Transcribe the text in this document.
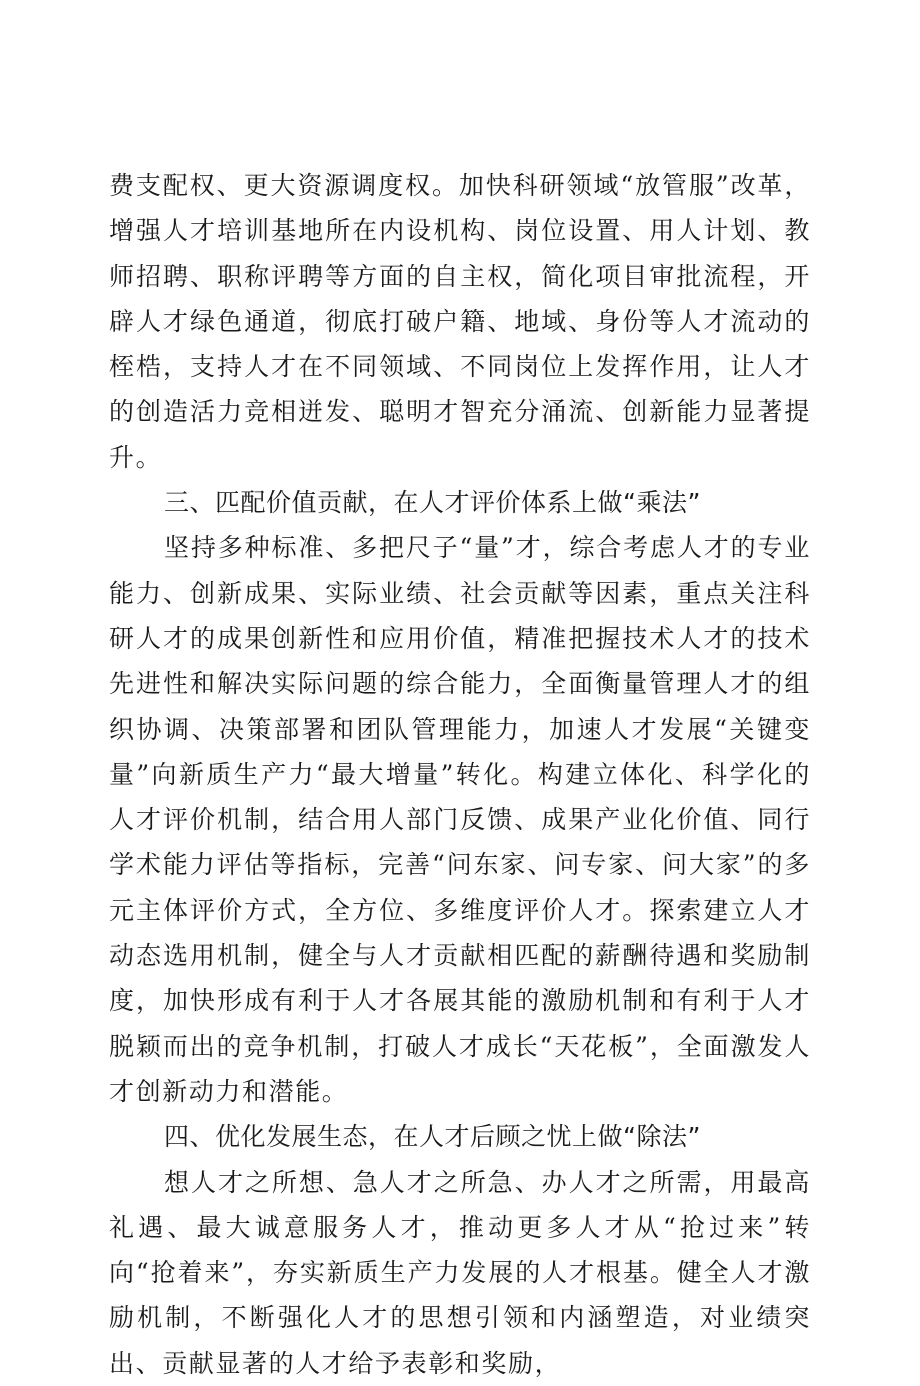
费支配权、更大资源调度权。加快科研领域“放管服”改革，增强人才培训基地所在内设机构、岗位设置、用人计划、教师招聘、职称评聘等方面的自主权，简化项目审批流程，开辟人才绿色通道，彻底打破户籍、地域、身份等人才流动的桎梏，支持人才在不同领域、不同岗位上发挥作用，让人才的创造活力竞相迸发、聪明才智充分涌流、创新能力显著提升。

三、匹配价值贡献，在人才评价体系上做“乘法”

坚持多种标准、多把尺子“量”才，综合考虑人才的专业能力、创新成果、实际业绩、社会贡献等因素，重点关注科研人才的成果创新性和应用价值，精准把握技术人才的技术先进性和解决实际问题的综合能力，全面衡量管理人才的组织协调、决策部署和团队管理能力，加速人才发展“关键变量”向新质生产力“最大增量”转化。构建立体化、科学化的人才评价机制，结合用人部门反馈、成果产业化价值、同行学术能力评估等指标，完善“问东家、问专家、问大家”的多元主体评价方式，全方位、多维度评价人才。探索建立人才动态选用机制，健全与人才贡献相匹配的薪酬待遇和奖励制度，加快形成有利于人才各展其能的激励机制和有利于人才脱颖而出的竞争机制，打破人才成长“天花板”，全面激发人才创新动力和潜能。

四、优化发展生态，在人才后顾之忧上做“除法”

想人才之所想、急人才之所急、办人才之所需，用最高礼遇、最大诚意服务人才，推动更多人才从“抢过来”转向“抢着来”，夯实新质生产力发展的人才根基。健全人才激励机制，不断强化人才的思想引领和内涵塑造，对业绩突出、贡献显著的人才给予表彰和奖励，
